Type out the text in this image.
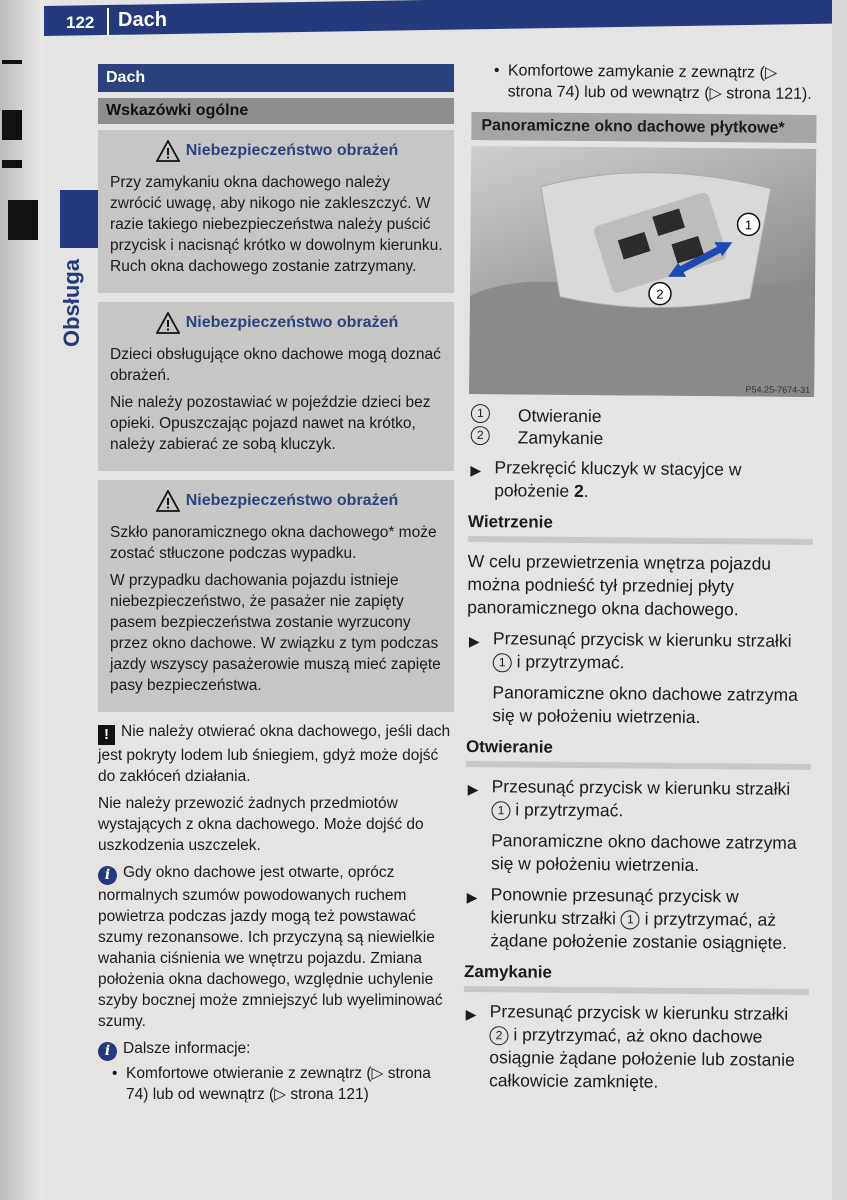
122 Dach
Obsługa
Dach
Wskazówki ogólne
Niebezpieczeństwo obrażeń

Przy zamykaniu okna dachowego należy zwrócić uwagę, aby nikogo nie zakleszczyć. W razie takiego niebezpieczeństwa należy puścić przycisk i nacisnąć krótko w dowolnym kierunku. Ruch okna dachowego zostanie zatrzymany.

Niebezpieczeństwo obrażeń

Dzieci obsługujące okno dachowe mogą doznać obrażeń.

Nie należy pozostawiać w pojeździe dzieci bez opieki. Opuszczając pojazd nawet na krótko, należy zabierać ze sobą kluczyk.

Niebezpieczeństwo obrażeń

Szkło panoramicznego okna dachowego* może zostać stłuczone podczas wypadku.

W przypadku dachowania pojazdu istnieje niebezpieczeństwo, że pasażer nie zapięty pasem bezpieczeństwa zostanie wyrzucony przez okno dachowe. W związku z tym podczas jazdy wszyscy pasażerowie muszą mieć zapięte pasy bezpieczeństwa.

! Nie należy otwierać okna dachowego, jeśli dach jest pokryty lodem lub śniegiem, gdyż może dojść do zakłóceń działania.

Nie należy przewozić żadnych przedmiotów wystających z okna dachowego. Może dojść do uszkodzenia uszczelek.

i Gdy okno dachowe jest otwarte, oprócz normalnych szumów powodowanych ruchem powietrza podczas jazdy mogą też powstawać szumy rezonansowe. Ich przyczyną są niewielkie wahania ciśnienia we wnętrzu pojazdu. Zmiana położenia okna dachowego, względnie uchylenie szyby bocznej może zmniejszyć lub wyeliminować szumy.

i Dalsze informacje:

• Komfortowe otwieranie z zewnątrz (▷ strona 74) lub od wewnątrz (▷ strona 121)
• Komfortowe zamykanie z zewnątrz (▷ strona 74) lub od wewnątrz (▷ strona 121).
Panoramiczne okno dachowe płytkowe*
1
2
P54.25-7674-31
1	Otwieranie
2	Zamykanie
▶ Przekręcić kluczyk w stacyjce w położenie 2.
Wietrzenie

W celu przewietrzenia wnętrza pojazdu można podnieść tył przedniej płyty panoramicznego okna dachowego.

▶ Przesunąć przycisk w kierunku strzałki 1 i przytrzymać.

Panoramiczne okno dachowe zatrzyma się w położeniu wietrzenia.

Otwieranie
▶ Przesunąć przycisk w kierunku strzałki 1 i przytrzymać.

Panoramiczne okno dachowe zatrzyma się w położeniu wietrzenia.

▶ Ponownie przesunąć przycisk w kierunku strzałki 1 i przytrzymać, aż żądane położenie zostanie osiągnięte.
Zamykanie
▶ Przesunąć przycisk w kierunku strzałki 2 i przytrzymać, aż okno dachowe osiągnie żądane położenie lub zostanie całkowicie zamknięte.
